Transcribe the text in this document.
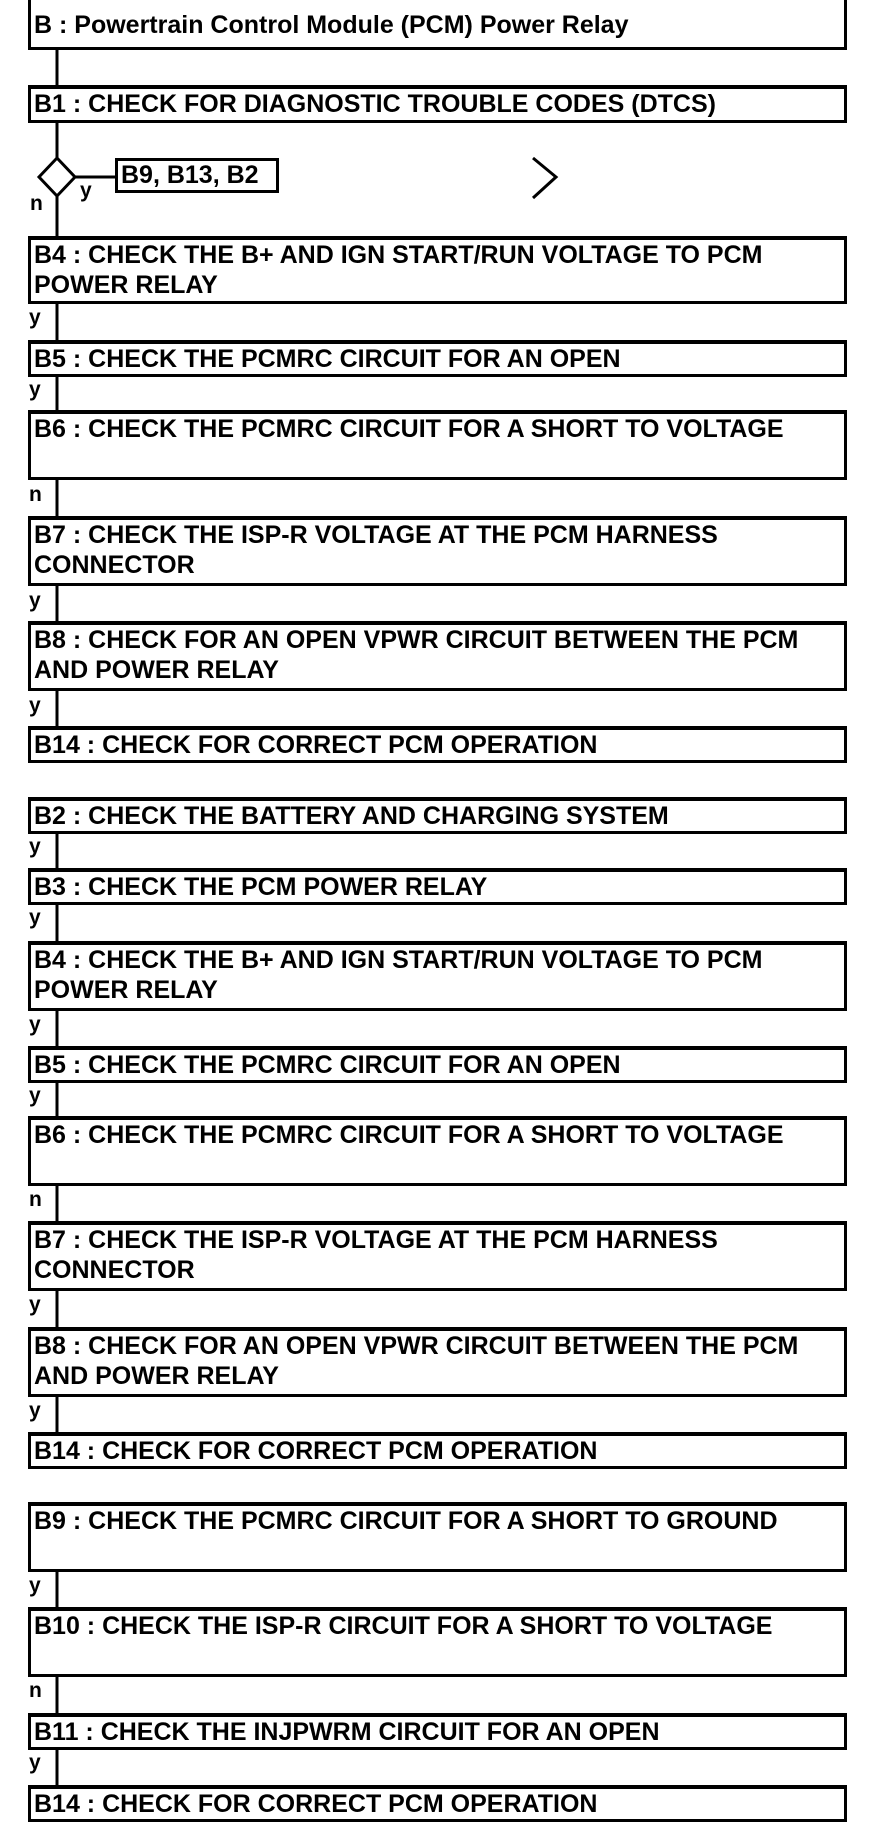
B : Powertrain Control Module (PCM) Power Relay
B1 : CHECK FOR DIAGNOSTIC TROUBLE CODES (DTCS)
B9, B13, B2
y
n
B4 : CHECK THE B+ AND IGN START/RUN VOLTAGE TO PCM POWER RELAY
y
B5 : CHECK THE PCMRC CIRCUIT FOR AN OPEN
y
B6 : CHECK THE PCMRC CIRCUIT FOR A SHORT TO VOLTAGE
n
B7 : CHECK THE ISP-R VOLTAGE AT THE PCM HARNESS CONNECTOR
y
B8 : CHECK FOR AN OPEN VPWR CIRCUIT BETWEEN THE PCM AND POWER RELAY
y
B14 : CHECK FOR CORRECT PCM OPERATION
B2 : CHECK THE BATTERY AND CHARGING SYSTEM
y
B3 : CHECK THE PCM POWER RELAY
y
B4 : CHECK THE B+ AND IGN START/RUN VOLTAGE TO PCM POWER RELAY
y
B5 : CHECK THE PCMRC CIRCUIT FOR AN OPEN
y
B6 : CHECK THE PCMRC CIRCUIT FOR A SHORT TO VOLTAGE
n
B7 : CHECK THE ISP-R VOLTAGE AT THE PCM HARNESS CONNECTOR
y
B8 : CHECK FOR AN OPEN VPWR CIRCUIT BETWEEN THE PCM AND POWER RELAY
y
B14 : CHECK FOR CORRECT PCM OPERATION
B9 : CHECK THE PCMRC CIRCUIT FOR A SHORT TO GROUND
y
B10 : CHECK THE ISP-R CIRCUIT FOR A SHORT TO VOLTAGE
n
B11 : CHECK THE INJPWRM CIRCUIT FOR AN OPEN
y
B14 : CHECK FOR CORRECT PCM OPERATION
